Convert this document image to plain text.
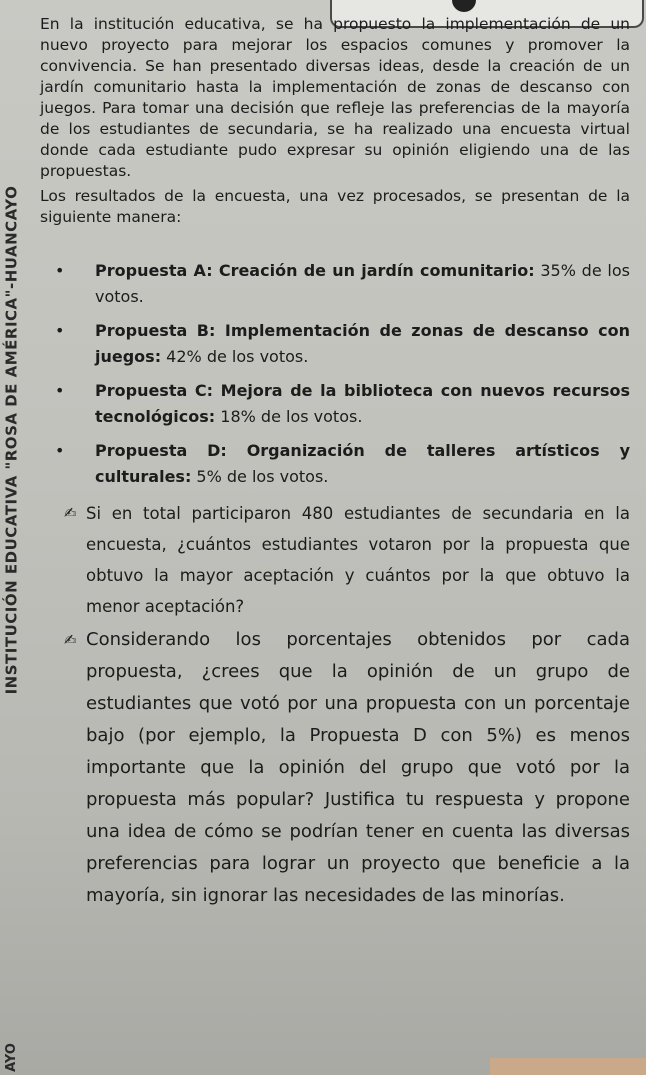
INSTITUCIÓN EDUCATIVA "ROSA DE AMÉRICA"-HUANCAYO
AYO

En la institución educativa, se ha propuesto la implementación de un nuevo proyecto para mejorar los espacios comunes y promover la convivencia. Se han presentado diversas ideas, desde la creación de un jardín comunitario hasta la implementación de zonas de descanso con juegos. Para tomar una decisión que refleje las preferencias de la mayoría de los estudiantes de secundaria, se ha realizado una encuesta virtual donde cada estudiante pudo expresar su opinión eligiendo una de las propuestas.

Los resultados de la encuesta, una vez procesados, se presentan de la siguiente manera:

• Propuesta A: Creación de un jardín comunitario: 35% de los votos.
• Propuesta B: Implementación de zonas de descanso con juegos: 42% de los votos.
• Propuesta C: Mejora de la biblioteca con nuevos recursos tecnológicos: 18% de los votos.
• Propuesta D: Organización de talleres artísticos y culturales: 5% de los votos.

✍ Si en total participaron 480 estudiantes de secundaria en la encuesta, ¿cuántos estudiantes votaron por la propuesta que obtuvo la mayor aceptación y cuántos por la que obtuvo la menor aceptación?

✍ Considerando los porcentajes obtenidos por cada propuesta, ¿crees que la opinión de un grupo de estudiantes que votó por una propuesta con un porcentaje bajo (por ejemplo, la Propuesta D con 5%) es menos importante que la opinión del grupo que votó por la propuesta más popular? Justifica tu respuesta y propone una idea de cómo se podrían tener en cuenta las diversas preferencias para lograr un proyecto que beneficie a la mayoría, sin ignorar las necesidades de las minorías.
